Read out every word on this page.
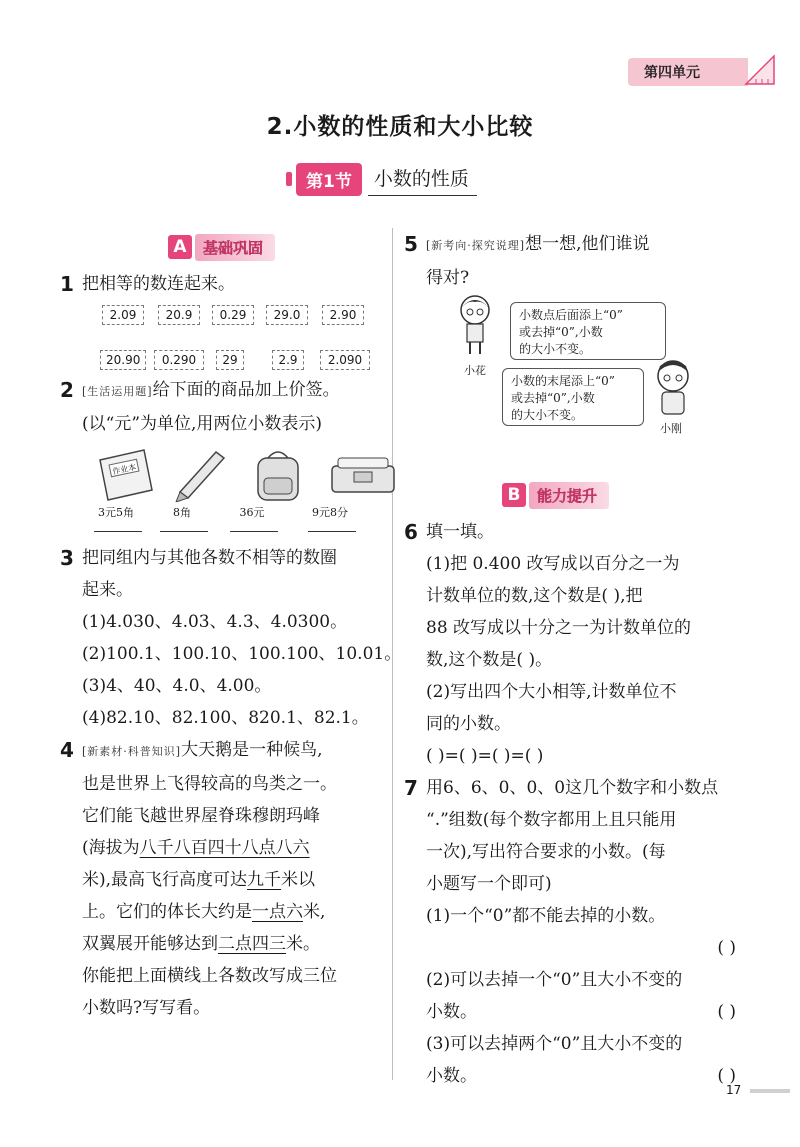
第四单元
2.小数的性质和大小比较
第1节	小数的性质
A	基础巩固
1 把相等的数连起来。
2.09	20.9	0.29	29.0	2.90
20.90	0.290	29	2.9	2.090
2 [生活运用题]给下面的商品加上价签。
(以“元”为单位,用两位小数表示)
作业本
3元5角	8角	36元	9元8分
3 把同组内与其他各数不相等的数圈
起来。
(1)4.030、4.03、4.3、4.0300。
(2)100.1、100.10、100.100、10.01。
(3)4、40、4.0、4.00。
(4)82.10、82.100、820.1、82.1。
4 [新素材·科普知识]大天鹅是一种候鸟,
也是世界上飞得较高的鸟类之一。
它们能飞越世界屋脊珠穆朗玛峰
(海拔为八千八百四十八点八六
米),最高飞行高度可达九千米以
上。它们的体长大约是一点六米,
双翼展开能够达到二点四三米。
你能把上面横线上各数改写成三位
小数吗?写写看。
5 [新考向·探究说理]想一想,他们谁说
得对?
小花
小数点后面添上“0”
或去掉“0”,小数
的大小不变。
小数的末尾添上“0”
或去掉“0”,小数
的大小不变。
小刚
B	能力提升
6 填一填。
(1)把 0.400 改写成以百分之一为
计数单位的数,这个数是( ),把
88 改写成以十分之一为计数单位的
数,这个数是( )。
(2)写出四个大小相等,计数单位不
同的小数。
( )=( )=( )=( )
7 用6、6、0、0、0这几个数字和小数点
“.”组数(每个数字都用上且只能用
一次),写出符合要求的小数。(每
小题写一个即可)
(1)一个“0”都不能去掉的小数。
( )
(2)可以去掉一个“0”且大小不变的
小数。	( )
(3)可以去掉两个“0”且大小不变的
小数。	( )
17
